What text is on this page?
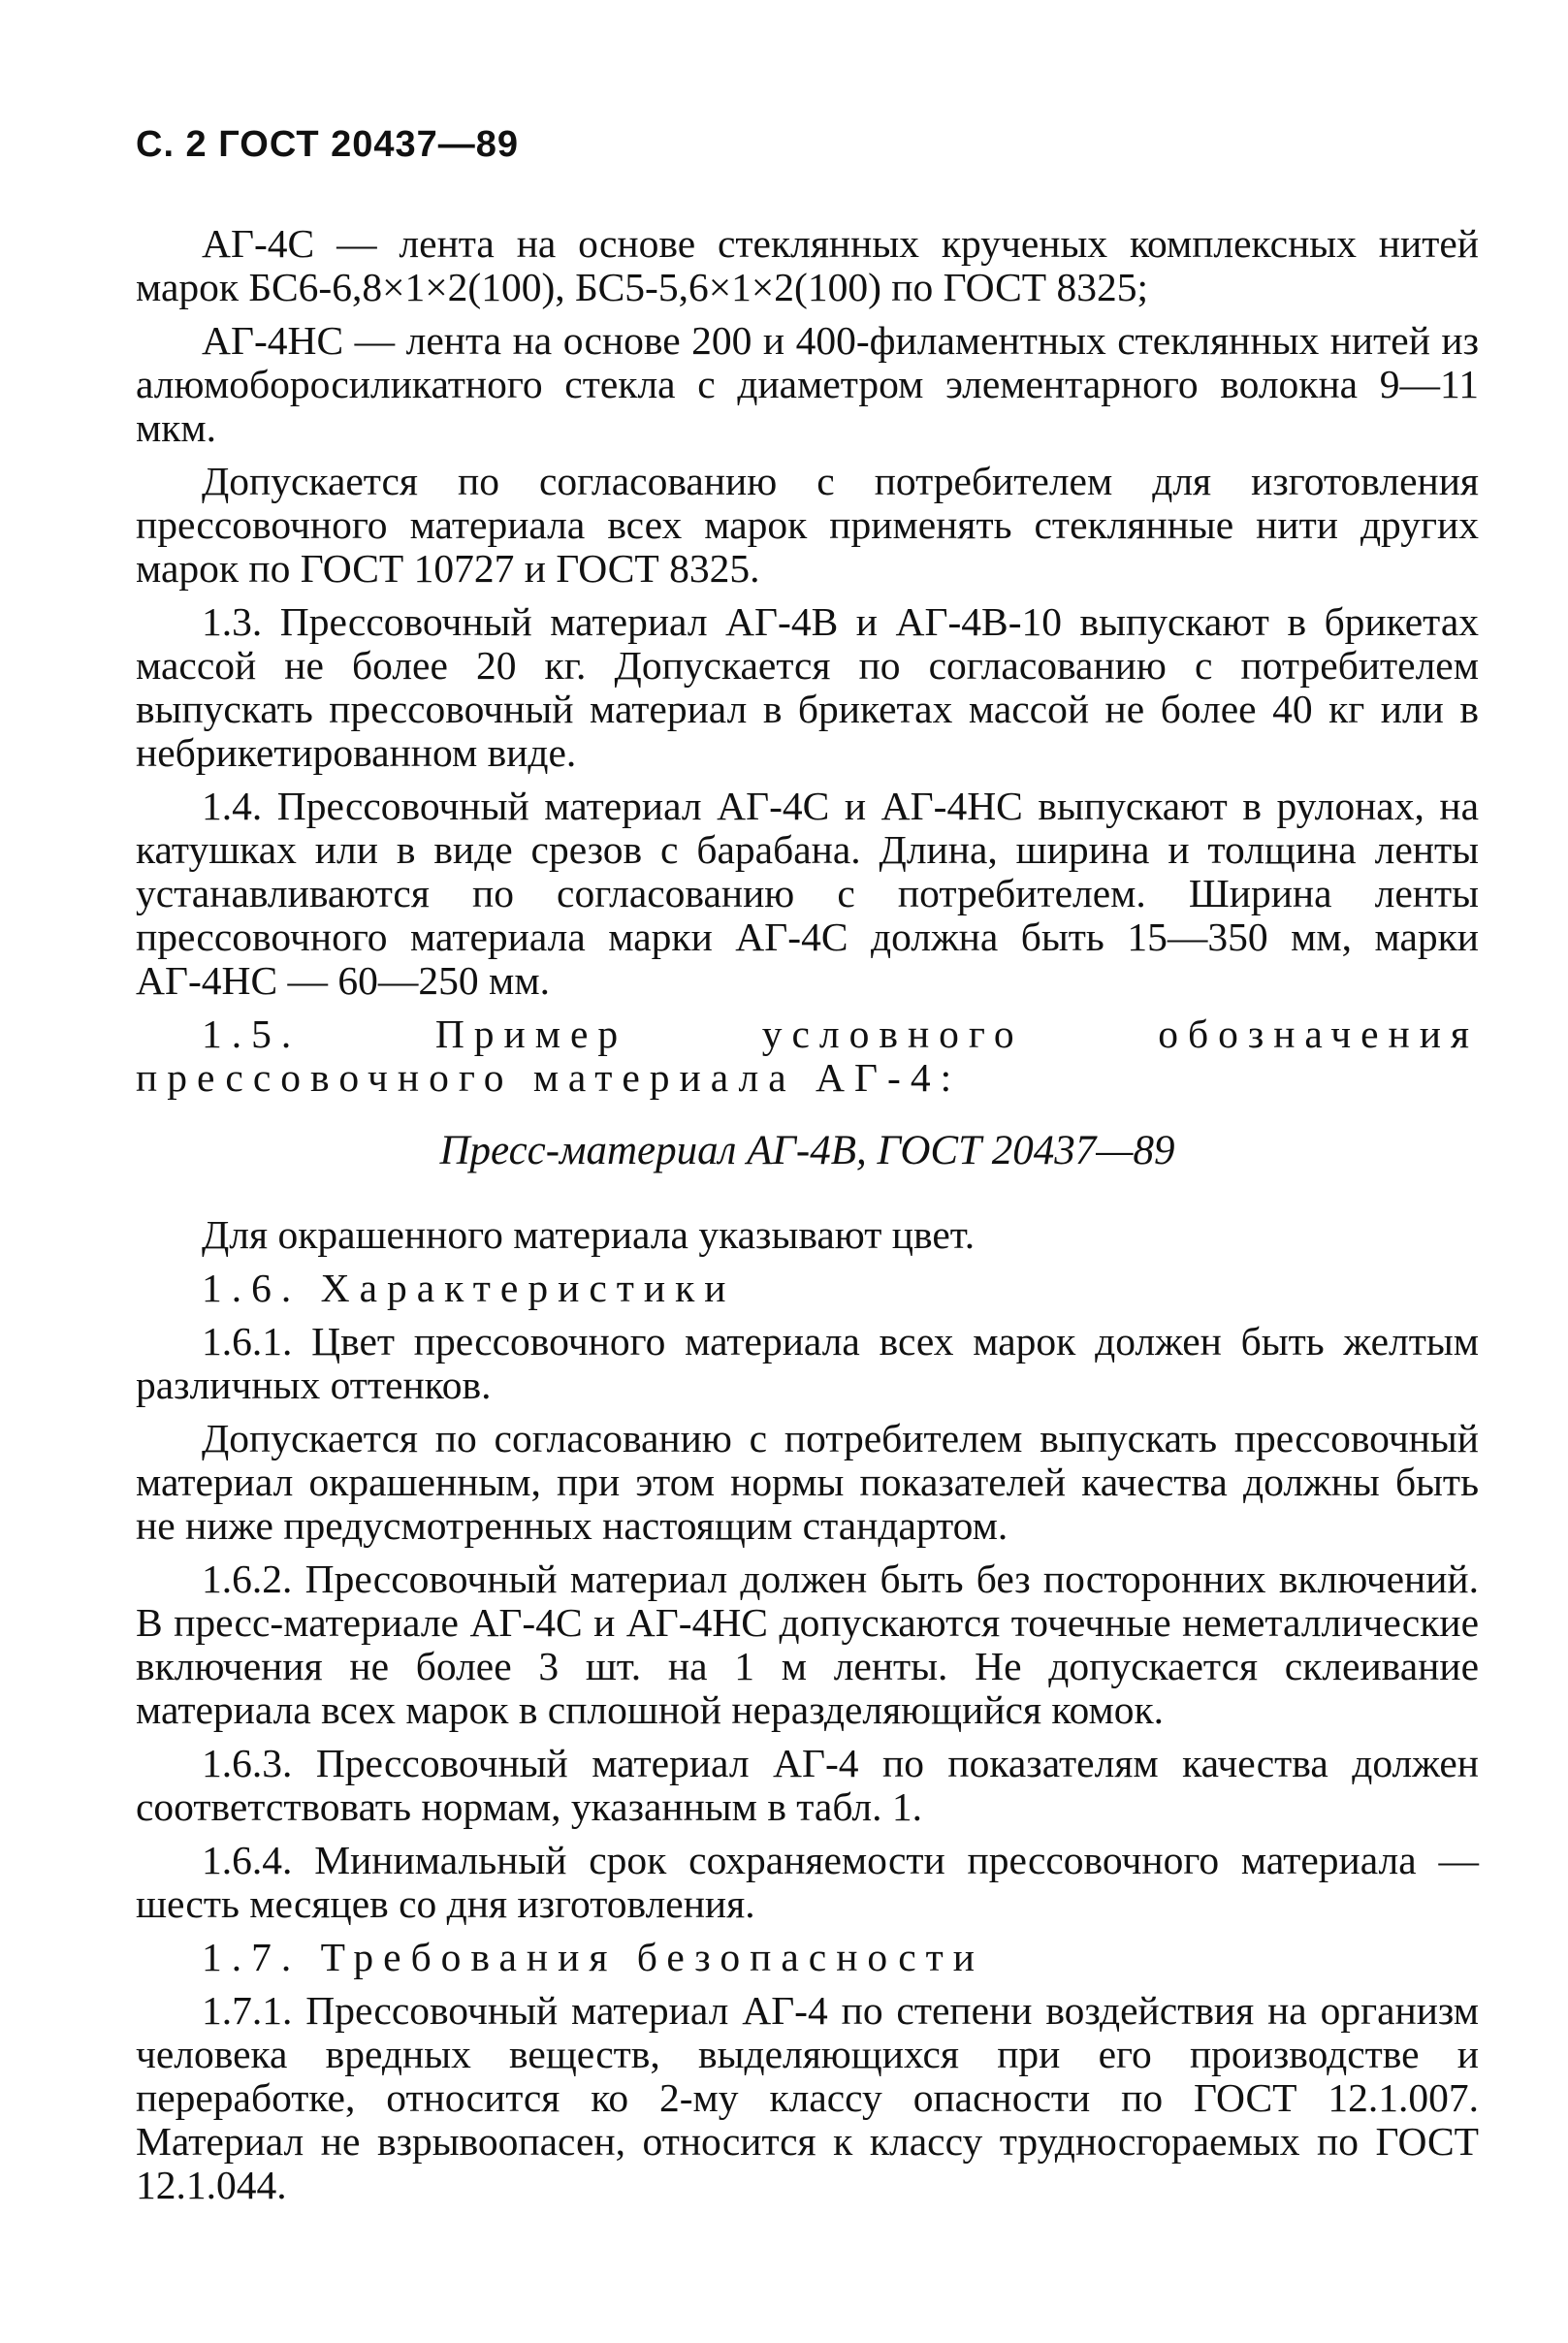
С. 2 ГОСТ 20437—89

АГ-4С — лента на основе стеклянных крученых комплексных нитей марок БС6-6,8×1×2(100), БС5-5,6×1×2(100) по ГОСТ 8325;

АГ-4НС — лента на основе 200 и 400-филаментных стеклянных нитей из алюмоборосиликатного стекла с диаметром элементарного волокна 9—11 мкм.

Допускается по согласованию с потребителем для изготовления прессовочного материала всех марок применять стеклянные нити других марок по ГОСТ 10727 и ГОСТ 8325.

1.3. Прессовочный материал АГ-4В и АГ-4В-10 выпускают в брикетах массой не более 20 кг. Допускается по согласованию с потребителем выпускать прессовочный материал в брикетах массой не более 40 кг или в небрикетированном виде.

1.4. Прессовочный материал АГ-4С и АГ-4НС выпускают в рулонах, на катушках или в виде срезов с барабана. Длина, ширина и толщина ленты устанавливаются по согласованию с потребителем. Ширина ленты прессовочного материала марки АГ-4С должна быть 15—350 мм, марки АГ-4НС — 60—250 мм.

1.5. Пример условного обозначения прессовочного материала АГ-4:

Пресс-материал АГ-4В, ГОСТ 20437—89

Для окрашенного материала указывают цвет.

1.6. Характеристики

1.6.1. Цвет прессовочного материала всех марок должен быть желтым различных оттенков.

Допускается по согласованию с потребителем выпускать прессовочный материал окрашенным, при этом нормы показателей качества должны быть не ниже предусмотренных настоящим стандартом.

1.6.2. Прессовочный материал должен быть без посторонних включений. В пресс-материале АГ-4С и АГ-4НС допускаются точечные неметаллические включения не более 3 шт. на 1 м ленты. Не допускается склеивание материала всех марок в сплошной неразделяющийся комок.

1.6.3. Прессовочный материал АГ-4 по показателям качества должен соответствовать нормам, указанным в табл. 1.

1.6.4. Минимальный срок сохраняемости прессовочного материала — шесть месяцев со дня изготовления.

1.7. Требования безопасности

1.7.1. Прессовочный материал АГ-4 по степени воздействия на организм человека вредных веществ, выделяющихся при его производстве и переработке, относится ко 2-му классу опасности по ГОСТ 12.1.007. Материал не взрывоопасен, относится к классу трудносгораемых по ГОСТ 12.1.044.
